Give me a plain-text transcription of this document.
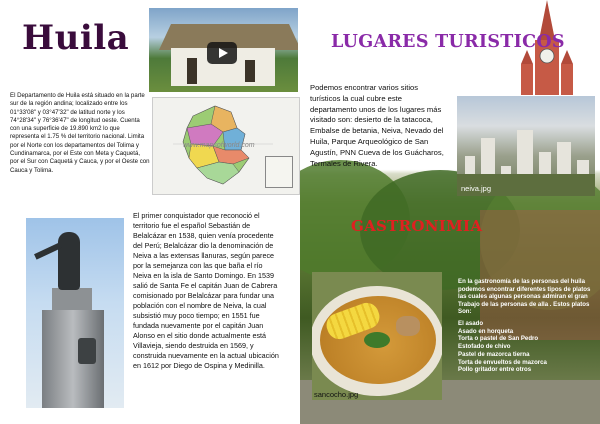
Huila
El Departamento de Huila está situado en la parte sur de la región andina; localizado entre los 01°33'08" y 03°47'32" de latitud norte y los 74°28'34" y 76°36'47" de longitud oeste. Cuenta con una superficie de 19.890 km2 lo que representa el 1.75 % del territorio nacional. Limita por el Norte con los departamentos del Tolima y Cundinamarca, por el Este con Meta y Caquetá, por el Sur con Caquetá y Cauca, y por el Oeste con Cauca y Tolima.
www.mapsofworld.com
El primer conquistador que reconoció el territorio fue el español Sebastián de Belalcázar en 1538, quien venía procedente del Perú; Belalcázar dio la denominación de Neiva a las extensas llanuras, según parece por la semejanza con las que baña el río Neiva en la isla de Santo Domingo. En 1539 salió de Santa Fe el capitán Juan de Cabrera comisionado por Belalcázar para fundar una población con el nombre de Neiva, la cual subsistió muy poco tiempo; en 1551 fue fundada nuevamente por el capitán Juan Alonso en el sitio donde actualmente está Villavieja, siendo destruida en 1569, y construida nuevamente en la actual ubicación en 1612 por Diego de Ospina y Medinilla.
LUGARES TURISTICOS
Podemos encontrar varios sitios turísticos la cual cubre este departamento unos de los lugares más visitado son: desierto de la tatacoca, Embalse de betania, Neiva, Nevado del Huila, Parque Arqueológico de San Agustín, PNN Cueva de los Guácharos, Termales de Rivera.
neiva.jpg
GASTRONIMIA
sancocho.jpg
En la gastronomía de las personas del huila podemos encontrar diferentes tipos de platos las cuales algunas personas admiran el gran Trabajo de las personas de alla . Estos platos Son:
El asado
Asado en horqueta
Torta o pastel de San Pedro
Estofado de chivo
Pastel de mazorca tierna
Torta de envueltos de mazorca
Pollo gritador entre otros
